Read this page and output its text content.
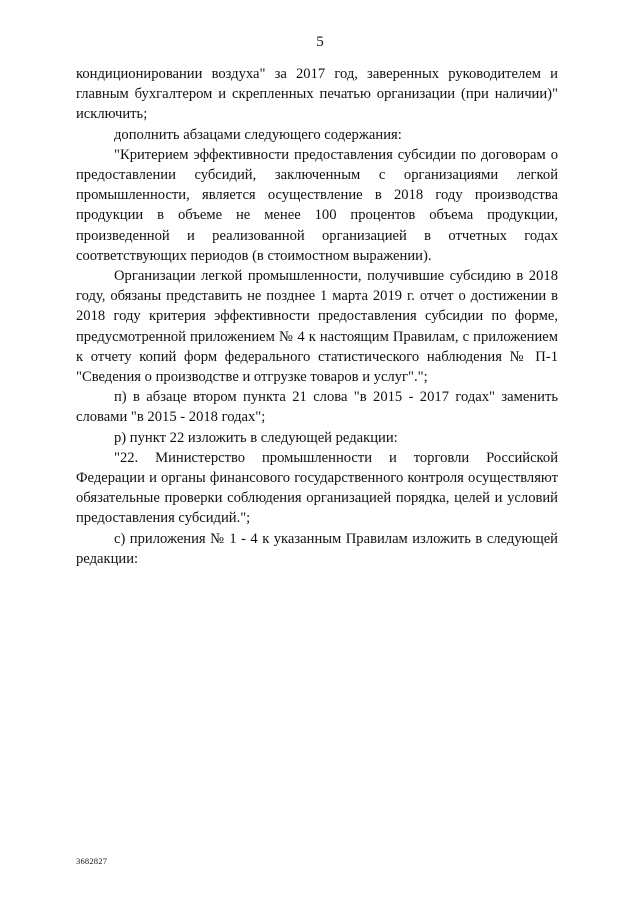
5

кондиционировании воздуха" за 2017 год, заверенных руководителем и главным бухгалтером и скрепленных печатью организации (при наличии)" исключить;

дополнить абзацами следующего содержания:

"Критерием эффективности предоставления субсидии по договорам о предоставлении субсидий, заключенным с организациями легкой промышленности, является осуществление в 2018 году производства продукции в объеме не менее 100 процентов объема продукции, произведенной и реализованной организацией в отчетных годах соответствующих периодов (в стоимостном выражении).

Организации легкой промышленности, получившие субсидию в 2018 году, обязаны представить не позднее 1 марта 2019 г. отчет о достижении в 2018 году критерия эффективности предоставления субсидии по форме, предусмотренной приложением № 4 к настоящим Правилам, с приложением к отчету копий форм федерального статистического наблюдения № П-1 "Сведения о производстве и отгрузке товаров и услуг".";

п) в абзаце втором пункта 21 слова "в 2015 - 2017 годах" заменить словами "в 2015 - 2018 годах";

р) пункт 22 изложить в следующей редакции:

"22. Министерство промышленности и торговли Российской Федерации и органы финансового государственного контроля осуществляют обязательные проверки соблюдения организацией порядка, целей и условий предоставления субсидий.";

с) приложения № 1 - 4 к указанным Правилам изложить в следующей редакции:

3682827
